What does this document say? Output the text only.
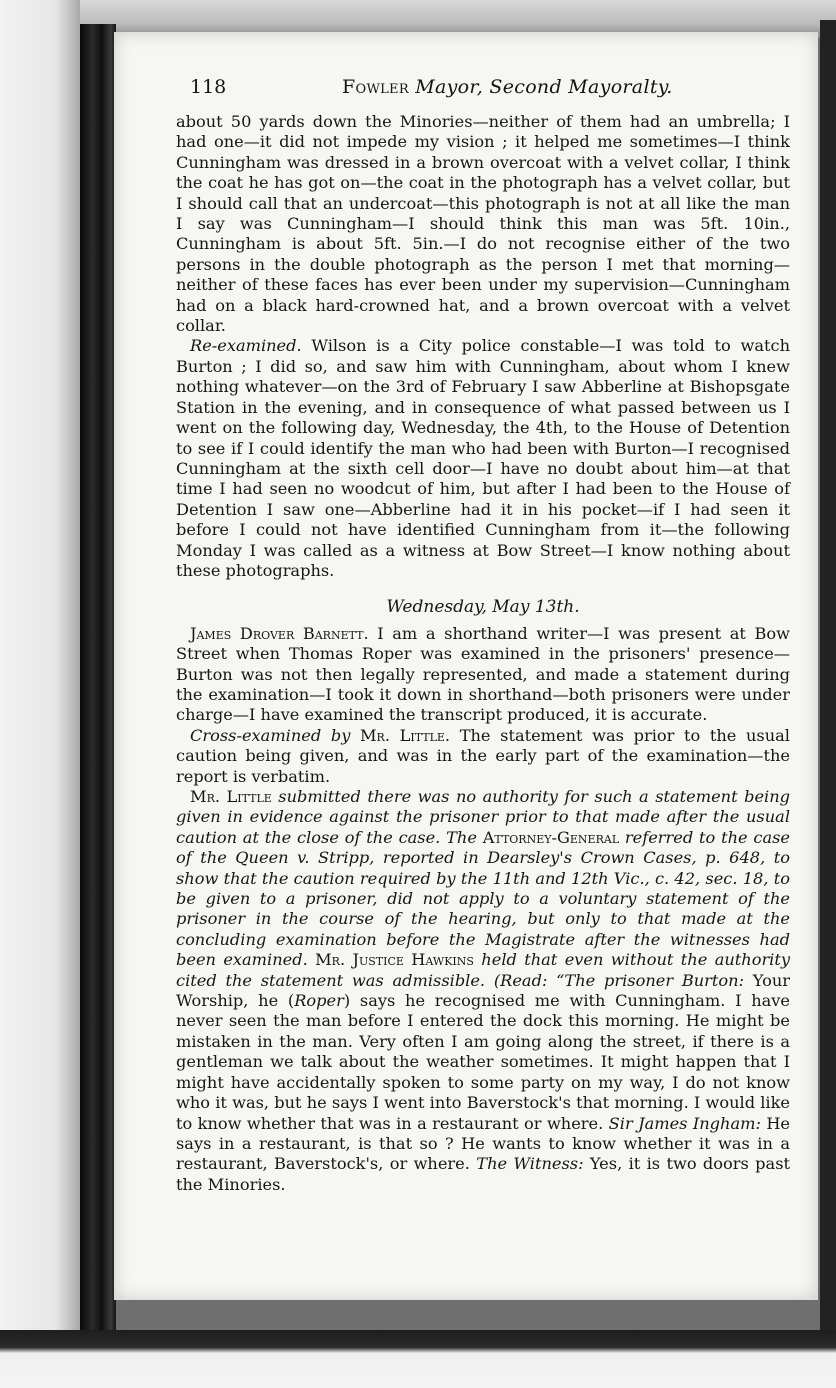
118	Fowler Mayor, Second Mayoralty.

about 50 yards down the Minories—neither of them had an umbrella; I had one—it did not impede my vision ; it helped me sometimes—I think Cunningham was dressed in a brown overcoat with a velvet collar, I think the coat he has got on—the coat in the photograph has a velvet collar, but I should call that an undercoat—this photograph is not at all like the man I say was Cunningham—I should think this man was 5ft. 10in., Cunningham is about 5ft. 5in.—I do not recognise either of the two persons in the double photograph as the person I met that morning—neither of these faces has ever been under my supervision—Cunningham had on a black hard-crowned hat, and a brown overcoat with a velvet collar.

Re-examined. Wilson is a City police constable—I was told to watch Burton ; I did so, and saw him with Cunningham, about whom I knew nothing whatever—on the 3rd of February I saw Abberline at Bishopsgate Station in the evening, and in consequence of what passed between us I went on the following day, Wednesday, the 4th, to the House of Detention to see if I could identify the man who had been with Burton—I recognised Cunningham at the sixth cell door—I have no doubt about him—at that time I had seen no woodcut of him, but after I had been to the House of Detention I saw one—Abberline had it in his pocket—if I had seen it before I could not have identified Cunningham from it—the following Monday I was called as a witness at Bow Street—I know nothing about these photographs.

Wednesday, May 13th.

James Drover Barnett. I am a shorthand writer—I was present at Bow Street when Thomas Roper was examined in the prisoners' presence—Burton was not then legally represented, and made a statement during the examination—I took it down in shorthand—both prisoners were under charge—I have examined the transcript produced, it is accurate.

Cross-examined by Mr. Little. The statement was prior to the usual caution being given, and was in the early part of the examination—the report is verbatim.

Mr. Little submitted there was no authority for such a statement being given in evidence against the prisoner prior to that made after the usual caution at the close of the case. The Attorney-General referred to the case of the Queen v. Stripp, reported in Dearsley's Crown Cases, p. 648, to show that the caution required by the 11th and 12th Vic., c. 42, sec. 18, to be given to a prisoner, did not apply to a voluntary statement of the prisoner in the course of the hearing, but only to that made at the concluding examination before the Magistrate after the witnesses had been examined. Mr. Justice Hawkins held that even without the authority cited the statement was admissible. (Read: “The prisoner Burton: Your Worship, he (Roper) says he recognised me with Cunningham. I have never seen the man before I entered the dock this morning. He might be mistaken in the man. Very often I am going along the street, if there is a gentleman we talk about the weather sometimes. It might happen that I might have accidentally spoken to some party on my way, I do not know who it was, but he says I went into Baverstock's that morning. I would like to know whether that was in a restaurant or where. Sir James Ingham: He says in a restaurant, is that so ? He wants to know whether it was in a restaurant, Baverstock's, or where. The Witness: Yes, it is two doors past the Minories.
